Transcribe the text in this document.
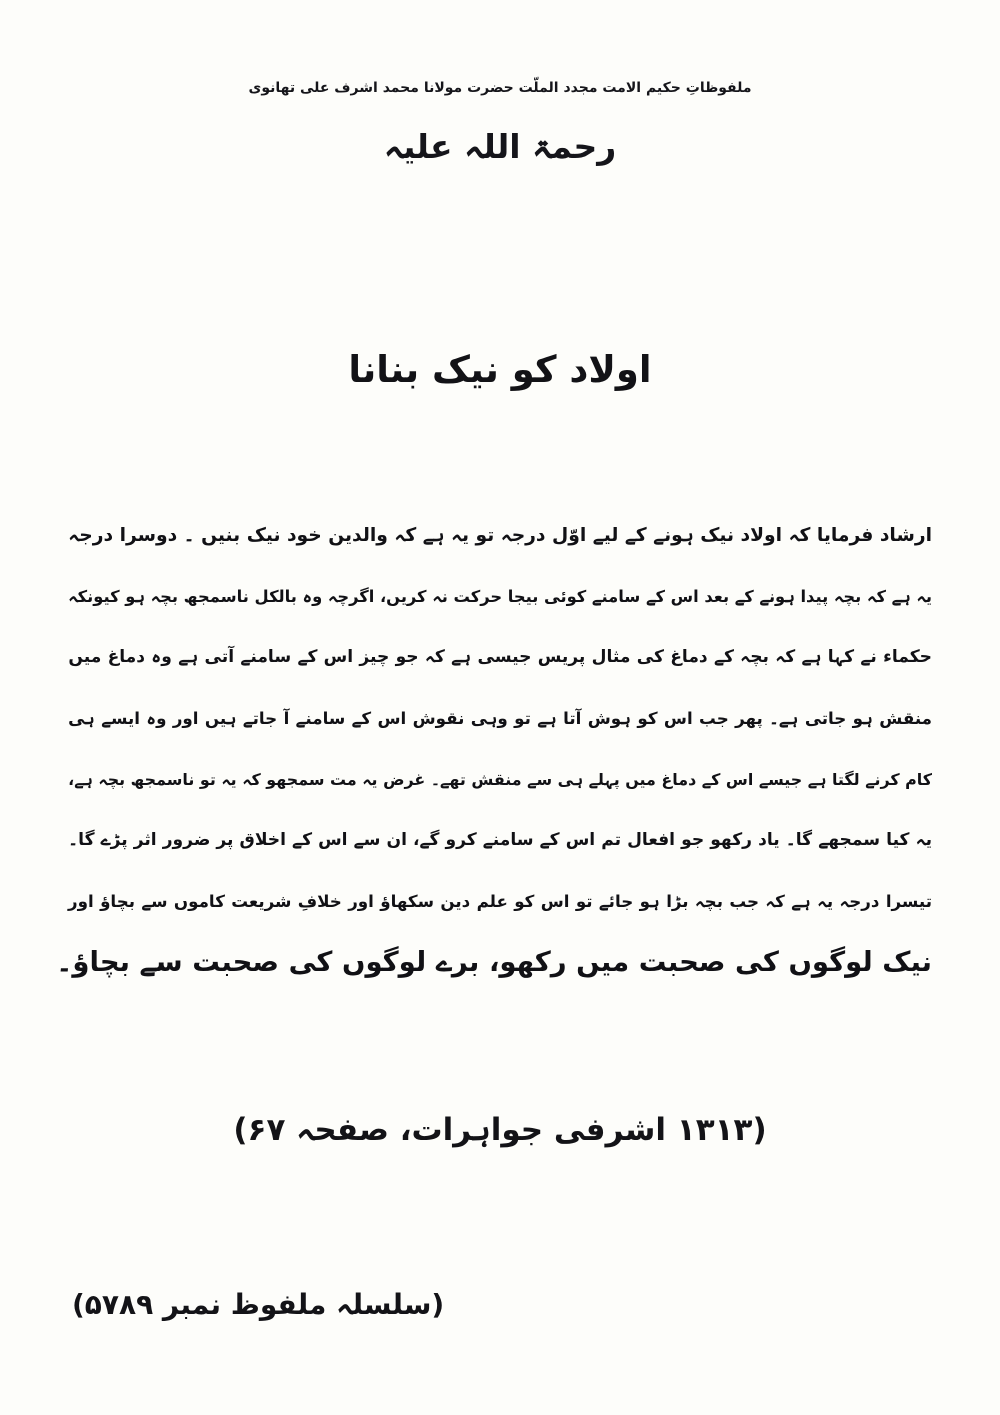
ملفوظاتِ حکیم الامت مجدد الملّت حضرت مولانا محمد اشرف علی تھانوی
رحمۃ اللہ علیہ
اولاد کو نیک بنانا
ارشاد
فرمایا
کہ
اولاد
نیک
ہونے
کے
لیے
اوّل
درجہ
تو
یہ
ہے
کہ
والدین
خود
نیک
بنیں
۔
دوسرا
درجہ
یہ
ہے
کہ
بچہ
پیدا
ہونے
کے
بعد
اس
کے
سامنے
کوئی
بیجا
حرکت
نہ
کریں،
اگرچہ
وہ
بالکل
ناسمجھ
بچہ
ہو
کیونکہ
حکماء
نے
کہا
ہے
کہ
بچہ
کے
دماغ
کی
مثال
پریس
جیسی
ہے
کہ
جو
چیز
اس
کے
سامنے
آتی
ہے
وہ
دماغ
میں
منقش
ہو
جاتی
ہے۔
پھر
جب
اس
کو
ہوش
آتا
ہے
تو
وہی
نقوش
اس
کے
سامنے
آ
جاتے
ہیں
اور
وہ
ایسے
ہی
کام
کرنے
لگتا
ہے
جیسے
اس
کے
دماغ
میں
پہلے
ہی
سے
منقش
تھے۔
غرض
یہ
مت
سمجھو
کہ
یہ
تو
ناسمجھ
بچہ
ہے،
یہ
کیا
سمجھے
گا۔
یاد
رکھو
جو
افعال
تم
اس
کے
سامنے
کرو
گے،
ان
سے
اس
کے
اخلاق
پر
ضرور
اثر
پڑے
گا۔
تیسرا
درجہ
یہ
ہے
کہ
جب
بچہ
بڑا
ہو
جائے
تو
اس
کو
علم
دین
سکھاؤ
اور
خلافِ
شریعت
کاموں
سے
بچاؤ
اور
نیک لوگوں کی صحبت میں رکھو، برے لوگوں کی صحبت سے بچاؤ۔
(۱۳۱۳ اشرفی جواہرات، صفحہ ۶۷)
(سلسلہ ملفوظ نمبر ۵۷۸۹)
